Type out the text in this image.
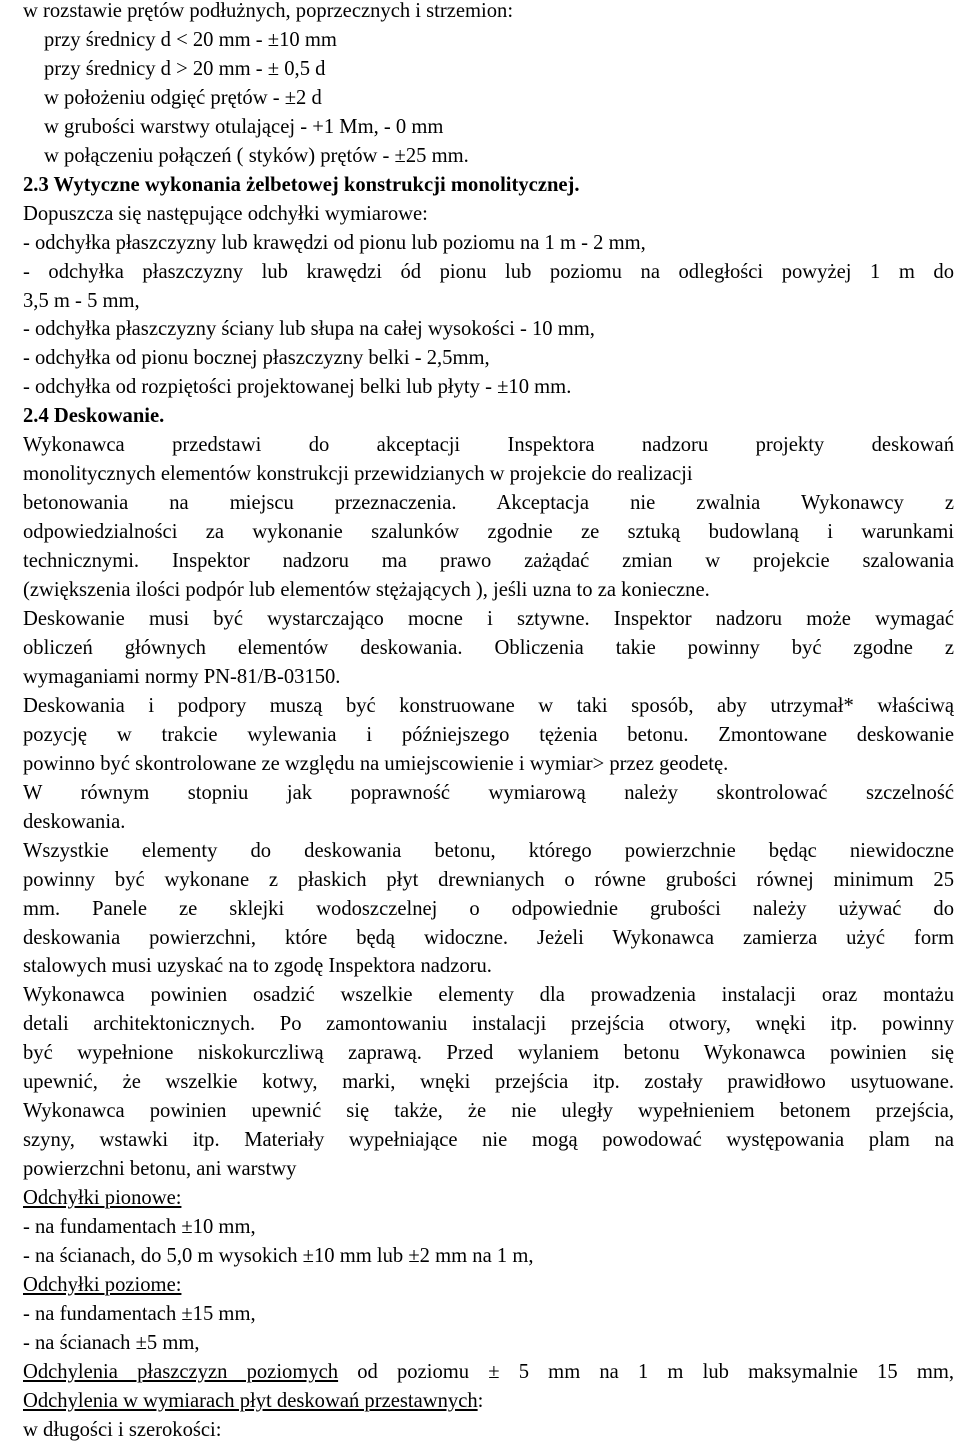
w rozstawie prętów podłużnych, poprzecznych i strzemion:
przy średnicy d < 20 mm - ±10 mm
przy średnicy d > 20 mm - ± 0,5 d
w położeniu odgięć prętów - ±2 d
w grubości warstwy otulającej - +1 Mm, - 0 mm
w połączeniu połączeń ( styków) prętów - ±25 mm.
2.3 Wytyczne wykonania żelbetowej konstrukcji monolitycznej.
Dopuszcza się następujące odchyłki wymiarowe:
- odchyłka płaszczyzny lub krawędzi od pionu lub poziomu na 1 m - 2 mm,
- odchyłka płaszczyzny lub krawędzi ód pionu lub poziomu na odległości powyżej 1 m do
3,5 m - 5 mm,
- odchyłka płaszczyzny ściany lub słupa na całej wysokości - 10 mm,
- odchyłka od pionu bocznej płaszczyzny belki - 2,5mm,
- odchyłka od rozpiętości projektowanej belki lub płyty - ±10 mm.
2.4 Deskowanie.
Wykonawca przedstawi do akceptacji Inspektora nadzoru projekty deskowań
monolitycznych elementów konstrukcji przewidzianych w projekcie do realizacji
betonowania na miejscu przeznaczenia. Akceptacja nie zwalnia Wykonawcy z
odpowiedzialności za wykonanie szalunków zgodnie ze sztuką budowlaną i warunkami
technicznymi. Inspektor nadzoru ma prawo zażądać zmian w projekcie szalowania
(zwiększenia ilości podpór lub elementów stężających ), jeśli uzna to za konieczne.
Deskowanie musi być wystarczająco mocne i sztywne. Inspektor nadzoru może wymagać
obliczeń głównych elementów deskowania. Obliczenia takie powinny być zgodne z
wymaganiami normy PN-81/B-03150.
Deskowania i podpory muszą być konstruowane w taki sposób, aby utrzymał* właściwą
pozycję w trakcie wylewania i późniejszego tężenia betonu. Zmontowane deskowanie
powinno być skontrolowane ze względu na umiejscowienie i wymiar> przez geodetę.
W równym stopniu jak poprawność wymiarową należy skontrolować szczelność
deskowania.
Wszystkie elementy do deskowania betonu, którego powierzchnie będąc niewidoczne
powinny być wykonane z płaskich płyt drewnianych o równe grubości równej minimum 25
mm. Panele ze sklejki wodoszczelnej o odpowiednie grubości należy używać do
deskowania powierzchni, które będą widoczne. Jeżeli Wykonawca zamierza użyć form
stalowych musi uzyskać na to zgodę Inspektora nadzoru.
Wykonawca powinien osadzić wszelkie elementy dla prowadzenia instalacji oraz montażu
detali architektonicznych. Po zamontowaniu instalacji przejścia otwory, wnęki itp. powinny
być wypełnione niskokurczliwą zaprawą. Przed wylaniem betonu Wykonawca powinien się
upewnić, że wszelkie kotwy, marki, wnęki przejścia itp. zostały prawidłowo usytuowane.
Wykonawca powinien upewnić się także, że nie uległy wypełnieniem betonem przejścia,
szyny, wstawki itp. Materiały wypełniające nie mogą powodować występowania plam na
powierzchni betonu, ani warstwy
Odchyłki pionowe:
- na fundamentach ±10 mm,
- na ścianach, do 5,0 m wysokich ±10 mm lub ±2 mm na 1 m,
Odchyłki poziome:
- na fundamentach ±15 mm,
- na ścianach ±5 mm,
Odchylenia płaszczyzn poziomych od poziomu ± 5 mm na 1 m lub maksymalnie 15 mm,
Odchylenia w wymiarach płyt deskowań przestawnych:
w długości i szerokości:
